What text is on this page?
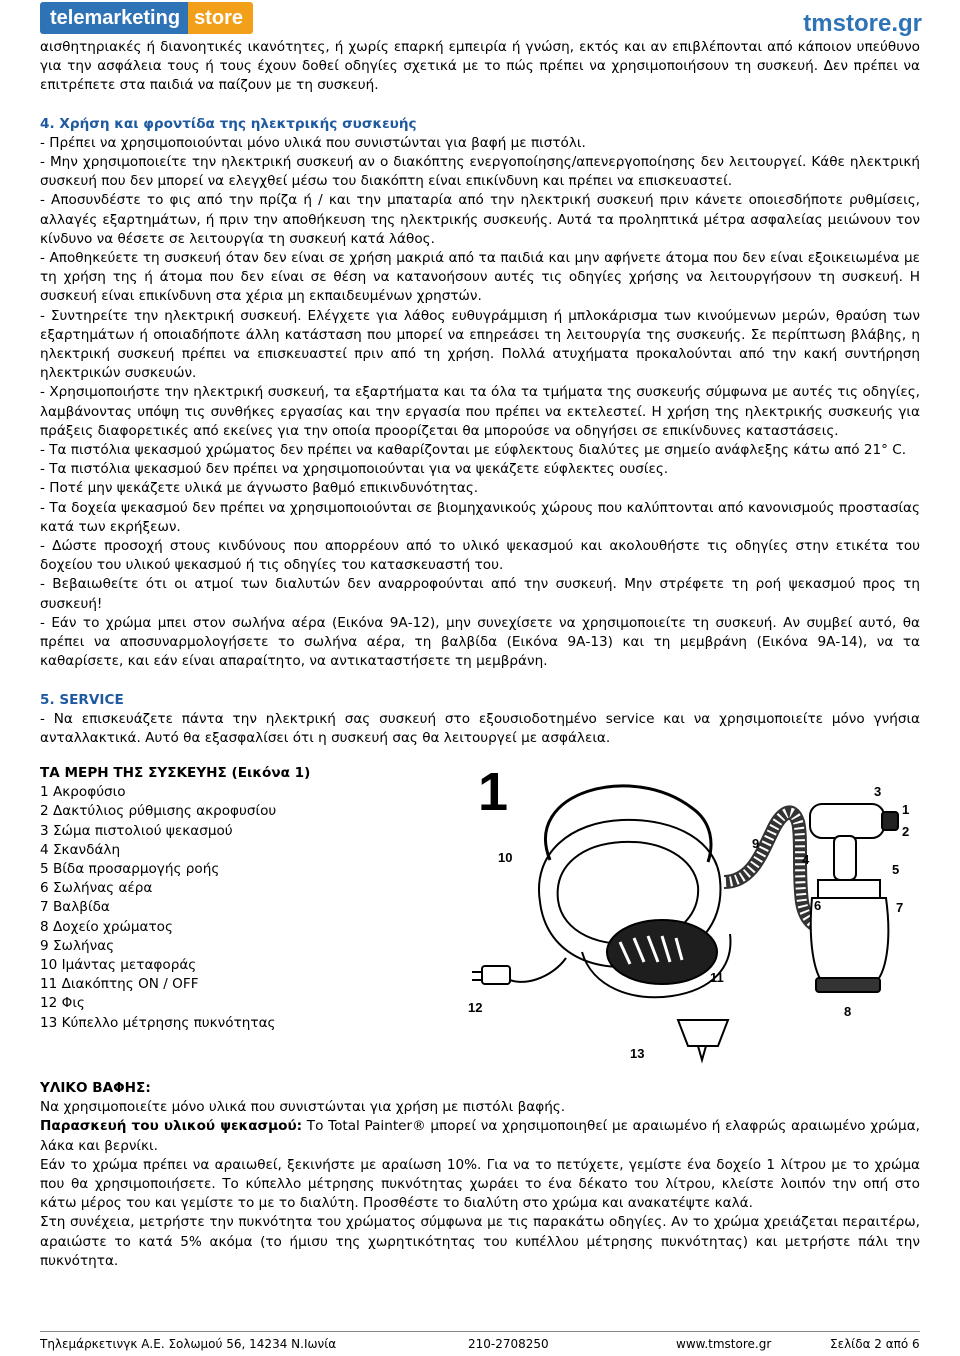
telemarketing store	tmstore.gr

αισθητηριακές ή διανοητικές ικανότητες, ή χωρίς επαρκή εμπειρία ή γνώση, εκτός και αν επιβλέπονται από κάποιον υπεύθυνο για την ασφάλεια τους ή τους έχουν δοθεί οδηγίες σχετικά με το πώς πρέπει να χρησιμοποιήσουν τη συσκευή. Δεν πρέπει να επιτρέπετε στα παιδιά να παίζουν με τη συσκευή.

4. Χρήση και φροντίδα της ηλεκτρικής συσκευής

- Πρέπει να χρησιμοποιούνται μόνο υλικά που συνιστώνται για βαφή με πιστόλι.

- Μην χρησιμοποιείτε την ηλεκτρική συσκευή αν ο διακόπτης ενεργοποίησης/απενεργοποίησης δεν λειτουργεί. Κάθε ηλεκτρική συσκευή που δεν μπορεί να ελεγχθεί μέσω του διακόπτη είναι επικίνδυνη και πρέπει να επισκευαστεί.

- Αποσυνδέστε το φις από την πρίζα ή / και την μπαταρία από την ηλεκτρική συσκευή πριν κάνετε οποιεσδήποτε ρυθμίσεις, αλλαγές εξαρτημάτων, ή πριν την αποθήκευση της ηλεκτρικής συσκευής. Αυτά τα προληπτικά μέτρα ασφαλείας μειώνουν τον κίνδυνο να θέσετε σε λειτουργία τη συσκευή κατά λάθος.

- Αποθηκεύετε τη συσκευή όταν δεν είναι σε χρήση μακριά από τα παιδιά και μην αφήνετε άτομα που δεν είναι εξοικειωμένα με τη χρήση της ή άτομα που δεν είναι σε θέση να κατανοήσουν αυτές τις οδηγίες χρήσης να λειτουργήσουν τη συσκευή. Η συσκευή είναι επικίνδυνη στα χέρια μη εκπαιδευμένων χρηστών.

- Συντηρείτε την ηλεκτρική συσκευή. Ελέγχετε για λάθος ευθυγράμμιση ή μπλοκάρισμα των κινούμενων μερών, θραύση των εξαρτημάτων ή οποιαδήποτε άλλη κατάσταση που μπορεί να επηρεάσει τη λειτουργία της συσκευής. Σε περίπτωση βλάβης, η ηλεκτρική συσκευή πρέπει να επισκευαστεί πριν από τη χρήση. Πολλά ατυχήματα προκαλούνται από την κακή συντήρηση ηλεκτρικών συσκευών.

- Χρησιμοποιήστε την ηλεκτρική συσκευή, τα εξαρτήματα και τα όλα τα τμήματα της συσκευής σύμφωνα με αυτές τις οδηγίες, λαμβάνοντας υπόψη τις συνθήκες εργασίας και την εργασία που πρέπει να εκτελεστεί. Η χρήση της ηλεκτρικής συσκευής για πράξεις διαφορετικές από εκείνες για την οποία προορίζεται θα μπορούσε να οδηγήσει σε επικίνδυνες καταστάσεις.

- Τα πιστόλια ψεκασμού χρώματος δεν πρέπει να καθαρίζονται με εύφλεκτους διαλύτες με σημείο ανάφλεξης κάτω από 21° C.

- Τα πιστόλια ψεκασμού δεν πρέπει να χρησιμοποιούνται για να ψεκάζετε εύφλεκτες ουσίες.

- Ποτέ μην ψεκάζετε υλικά με άγνωστο βαθμό επικινδυνότητας.

- Τα δοχεία ψεκασμού δεν πρέπει να χρησιμοποιούνται σε βιομηχανικούς χώρους που καλύπτονται από κανονισμούς προστασίας κατά των εκρήξεων.

- Δώστε προσοχή στους κινδύνους που απορρέουν από το υλικό ψεκασμού και ακολουθήστε τις οδηγίες στην ετικέτα του δοχείου του υλικού ψεκασμού ή τις οδηγίες του κατασκευαστή του.

- Βεβαιωθείτε ότι οι ατμοί των διαλυτών δεν αναρροφούνται από την συσκευή. Μην στρέφετε τη ροή ψεκασμού προς τη συσκευή!

- Εάν το χρώμα μπει στον σωλήνα αέρα (Εικόνα 9Α-12), μην συνεχίσετε να χρησιμοποιείτε τη συσκευή. Αν συμβεί αυτό, θα πρέπει να αποσυναρμολογήσετε το σωλήνα αέρα, τη βαλβίδα (Εικόνα 9Α-13) και τη μεμβράνη (Εικόνα 9Α-14), να τα καθαρίσετε, και εάν είναι απαραίτητο, να αντικαταστήσετε τη μεμβράνη.

5. SERVICE

- Να επισκευάζετε πάντα την ηλεκτρική σας συσκευή στο εξουσιοδοτημένο service και να χρησιμοποιείτε μόνο γνήσια ανταλλακτικά. Αυτό θα εξασφαλίσει ότι η συσκευή σας θα λειτουργεί με ασφάλεια.

ΤΑ ΜΕΡΗ ΤΗΣ ΣΥΣΚΕΥΗΣ (Εικόνα 1)
1 Ακροφύσιο
2 Δακτύλιος ρύθμισης ακροφυσίου
3 Σώμα πιστολιού ψεκασμού
4 Σκανδάλη
5 Βίδα προσαρμογής ροής
6 Σωλήνας αέρα
7 Βαλβίδα
8 Δοχείο χρώματος
9 Σωλήνας
10 Ιμάντας μεταφοράς
11 Διακόπτης ON / OFF
12 Φις
13 Κύπελλο μέτρησης πυκνότητας
1	1
2
4
3
5
6	7
8
9
10
11
12
13

ΥΛΙΚΟ ΒΑΦΗΣ:

Να χρησιμοποιείτε μόνο υλικά που συνιστώνται για χρήση με πιστόλι βαφής.

Παρασκευή του υλικού ψεκασμού: Το Total Painter® μπορεί να χρησιμοποιηθεί με αραιωμένο ή ελαφρώς αραιωμένο χρώμα, λάκα και βερνίκι.

Εάν το χρώμα πρέπει να αραιωθεί, ξεκινήστε με αραίωση 10%. Για να το πετύχετε, γεμίστε ένα δοχείο 1 λίτρου με το χρώμα που θα χρησιμοποιήσετε. Το κύπελλο μέτρησης πυκνότητας χωράει το ένα δέκατο του λίτρου, κλείστε λοιπόν την οπή στο κάτω μέρος του και γεμίστε το με το διαλύτη. Προσθέστε το διαλύτη στο χρώμα και ανακατέψτε καλά.

Στη συνέχεια, μετρήστε την πυκνότητα του χρώματος σύμφωνα με τις παρακάτω οδηγίες. Αν το χρώμα χρειάζεται περαιτέρω, αραιώστε το κατά 5% ακόμα (το ήμισυ της χωρητικότητας του κυπέλλου μέτρησης πυκνότητας) και μετρήστε πάλι την πυκνότητα.

Τηλεμάρκετινγκ Α.Ε. Σολωμού 56, 14234 Ν.Ιωνία	210-2708250	www.tmstore.gr	Σελίδα 2 από 6
